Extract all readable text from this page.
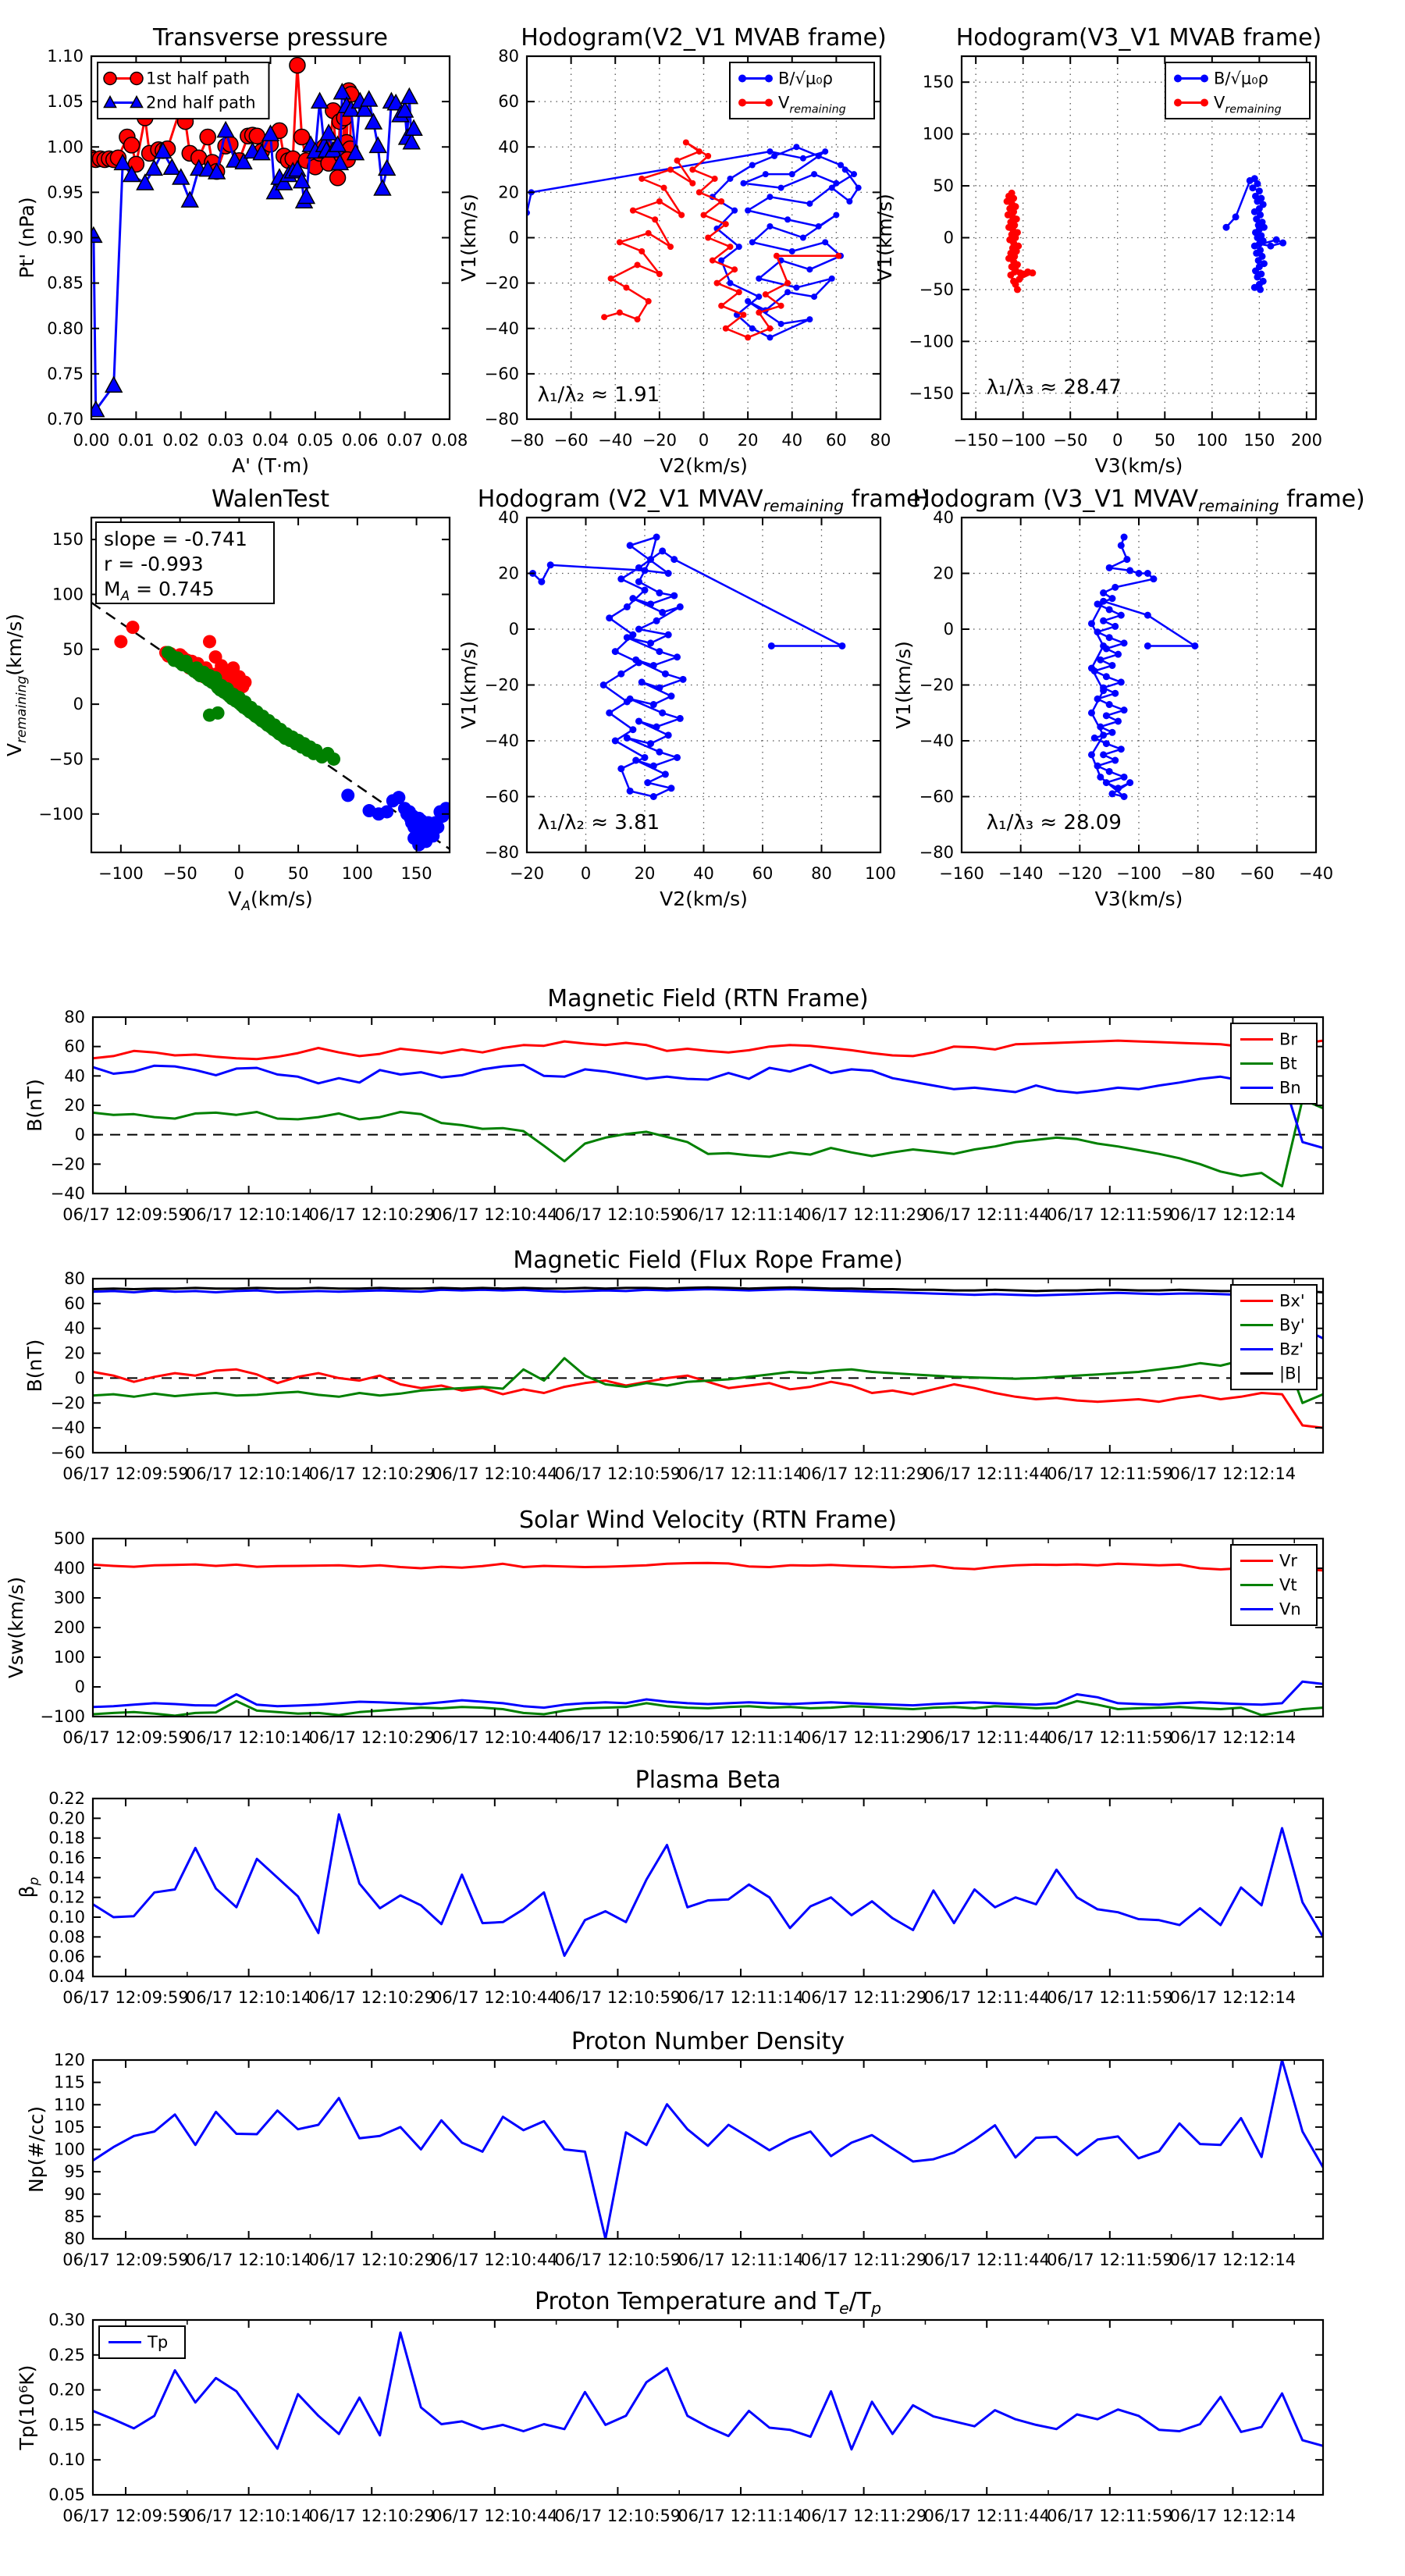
0.00 0.01 0.02 0.03 0.04 0.05 0.06 0.07 0.08
0.70
0.75
0.80
0.85
0.90
0.95
1.00
1.05
1.10
Transverse pressure
A' (T·m)
Pt' (nPa)
1st half path
2nd half path
−80 −60 −40 −20 0 20 40 60 80
−80
−60
−40
−20
0
20
40
60
80
Hodogram(V2_V1 MVAB frame)
V2(km/s)
V1(km/s)
λ₁/λ₂ ≈ 1.91
B/√μ₀ρ
$V_{remaining}$
−150 −100 −50 0 50 100 150 200
−150
−100
−50
0
50
100
150
Hodogram(V3_V1 MVAB frame)
V3(km/s)
V1(km/s)
λ₁/λ₃ ≈ 28.47
B/√μ₀ρ
$V_{remaining}$
−100 −50 0	50 100 150
−100
−50
0
50
100
150
WalenTest
$V_A(km/s)$
$V_{remaining}(km/s)$
slope = -0.741
r = -0.993
$M_A = 0.745$
−20 0	20 40 60 80 100
−80
−60
−40
−20
0
20
40
Hodogram (V2_V1 $MVAV_{remaining}$ frame)
V2(km/s)
V1(km/s)
λ₁/λ₂ ≈ 3.81
−160 −140 −120 −100 −80 −60 −40
−80
−60
−40
−20
0
20
40
Hodogram (V3_V1 $MVAV_{remaining}$ frame)
V3(km/s)
V1(km/s)
λ₁/λ₃ ≈ 28.09
06/17 12:09:59
06/17 12:10:14
06/17 12:10:29
06/17 12:10:44
06/17 12:10:59
06/17 12:11:14
06/17 12:11:29
06/17 12:11:44
06/17 12:11:59
06/17 12:12:14
−40
−20
0
20
40
60
80
Magnetic Field (RTN Frame)
B(nT)
Br
Bt
Bn
06/17 12:09:59
06/17 12:10:14
06/17 12:10:29
06/17 12:10:44
06/17 12:10:59
06/17 12:11:14
06/17 12:11:29
06/17 12:11:44
06/17 12:11:59
06/17 12:12:14
−60
−40
−20
0
20
40
60
80
Magnetic Field (Flux Rope Frame)
B(nT)
Bx'
By'
Bz'
|B|
06/17 12:09:59
06/17 12:10:14
06/17 12:10:29
06/17 12:10:44
06/17 12:10:59
06/17 12:11:14
06/17 12:11:29
06/17 12:11:44
06/17 12:11:59
06/17 12:12:14
−100
0
100
200
300
400
500
Solar Wind Velocity (RTN Frame)
Vsw(km/s)
Vr
Vt
Vn
06/17 12:09:59
06/17 12:10:14
06/17 12:10:29
06/17 12:10:44
06/17 12:10:59
06/17 12:11:14
06/17 12:11:29
06/17 12:11:44
06/17 12:11:59
06/17 12:12:14
0.04
0.06
0.08
0.10
0.12
0.14
0.16
0.18
0.20
0.22
Plasma Beta
$\beta_p$
06/17 12:09:59
06/17 12:10:14
06/17 12:10:29
06/17 12:10:44
06/17 12:10:59
06/17 12:11:14
06/17 12:11:29
06/17 12:11:44
06/17 12:11:59
06/17 12:12:14
80
85
90
95
100
105
110
115
120
Proton Number Density
Np(#/cc)
06/17 12:09:59
06/17 12:10:14
06/17 12:10:29
06/17 12:10:44
06/17 12:10:59
06/17 12:11:14
06/17 12:11:29
06/17 12:11:44
06/17 12:11:59
06/17 12:12:14
0.05
0.10
0.15
0.20
0.25
0.30
Proton Temperature and $T_e/T_p$
Tp(10⁶K)
Tp
